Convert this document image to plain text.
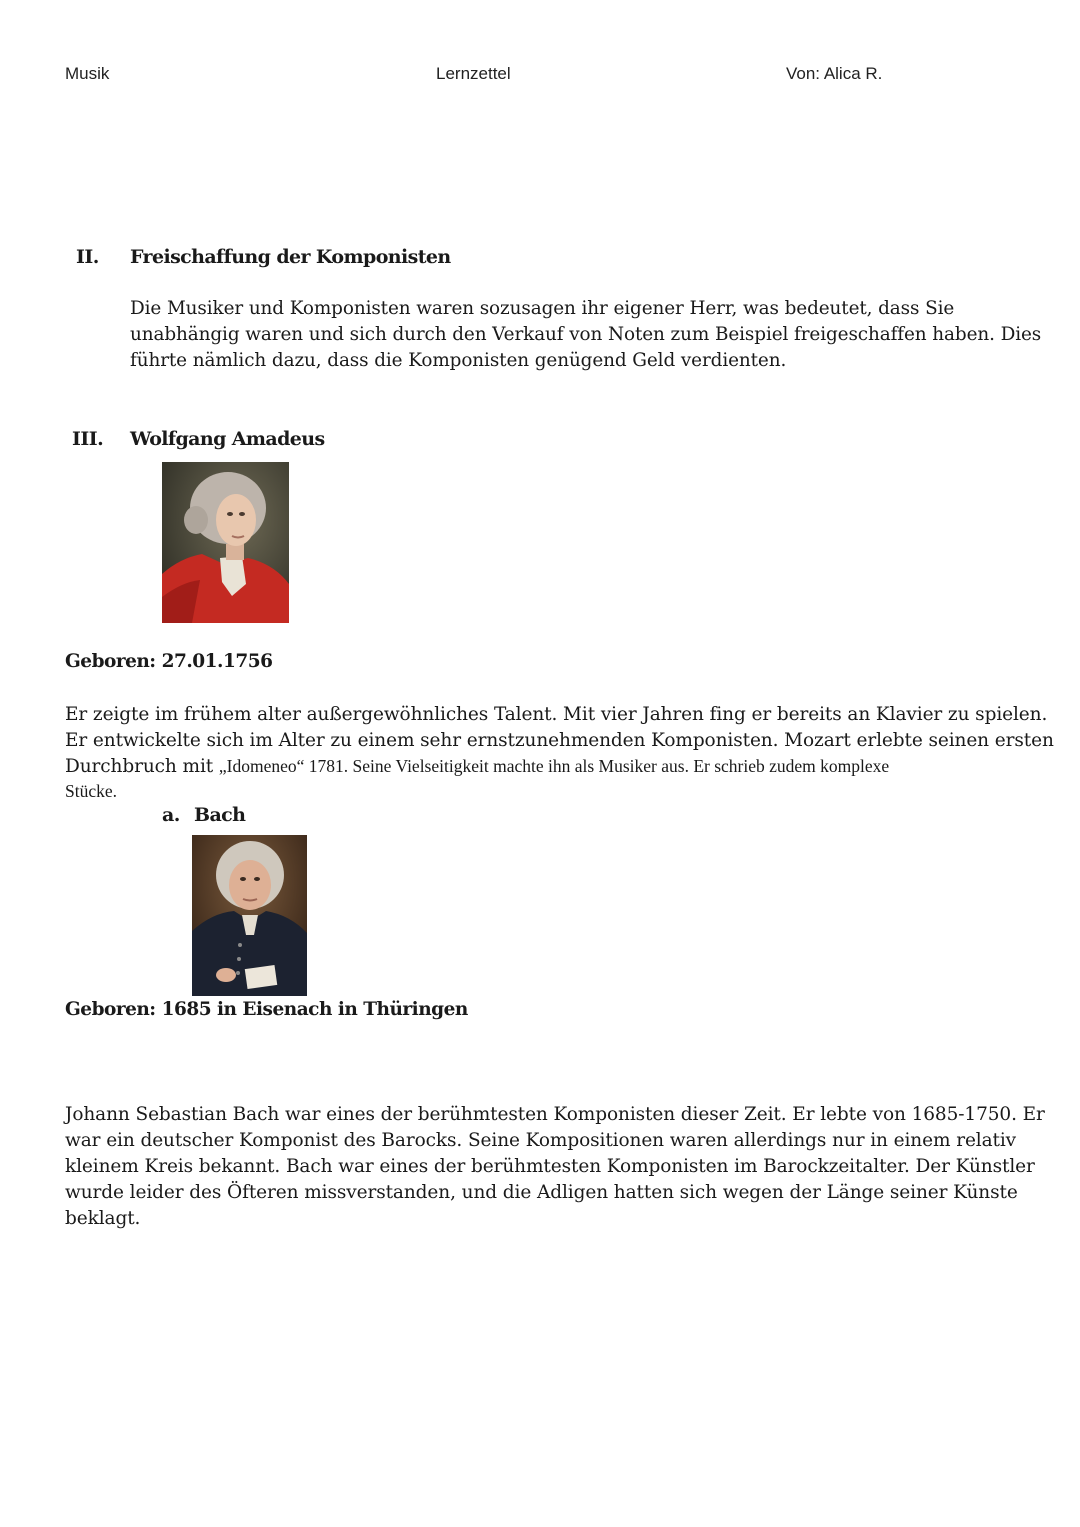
Musik	Lernzettel	Von: Alica R.
II. Freischaffung der Komponisten
Die Musiker und Komponisten waren sozusagen ihr eigener Herr, was bedeutet, dass Sie
unabhängig waren und sich durch den Verkauf von Noten zum Beispiel freigeschaffen haben. Dies
führte nämlich dazu, dass die Komponisten genügend Geld verdienten.
III. Wolfgang Amadeus
Geboren: 27.01.1756
Er zeigte im frühem alter außergewöhnliches Talent. Mit vier Jahren fing er bereits an Klavier zu spielen.
Er entwickelte sich im Alter zu einem sehr ernstzunehmenden Komponisten. Mozart erlebte seinen ersten
Durchbruch mit „Idomeneo“ 1781. Seine Vielseitigkeit machte ihn als Musiker aus. Er schrieb zudem komplexe
Stücke.
a. Bach
Geboren: 1685 in Eisenach in Thüringen
Johann Sebastian Bach war eines der berühmtesten Komponisten dieser Zeit. Er lebte von 1685-1750. Er
war ein deutscher Komponist des Barocks. Seine Kompositionen waren allerdings nur in einem relativ
kleinem Kreis bekannt. Bach war eines der berühmtesten Komponisten im Barockzeitalter. Der Künstler
wurde leider des Öfteren missverstanden, und die Adligen hatten sich wegen der Länge seiner Künste
beklagt.
